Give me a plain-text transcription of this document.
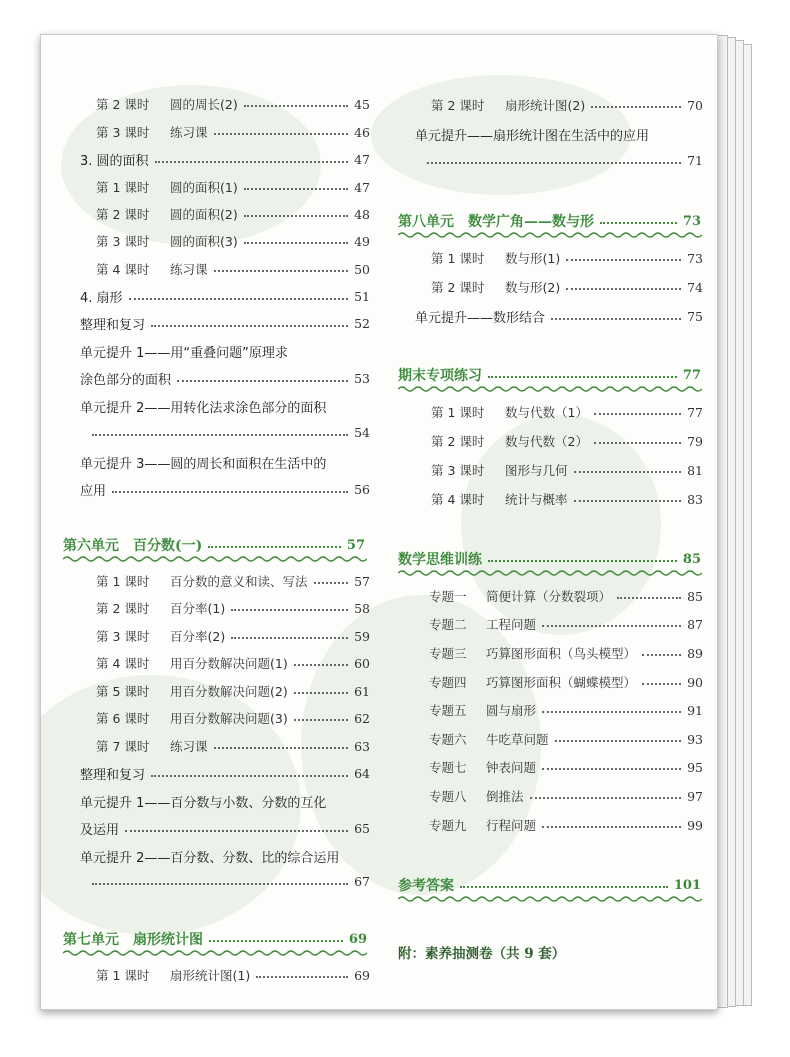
第 2 课时	圆的周长(2)	45
第 3 课时	练习课	46
3. 圆的面积	47
第 1 课时	圆的面积(1)	47
第 2 课时	圆的面积(2)	48
第 3 课时	圆的面积(3)	49
第 4 课时	练习课	50
4. 扇形	51
整理和复习	52
单元提升 1——用“重叠问题”原理求
涂色部分的面积	53
单元提升 2——用转化法求涂色部分的面积
54
单元提升 3——圆的周长和面积在生活中的
应用	56
第六单元　百分数(一)	57
第 1 课时	百分数的意义和读、写法	57
第 2 课时	百分率(1)	58
第 3 课时	百分率(2)	59
第 4 课时	用百分数解决问题(1)	60
第 5 课时	用百分数解决问题(2)	61
第 6 课时	用百分数解决问题(3)	62
第 7 课时	练习课	63
整理和复习	64
单元提升 1——百分数与小数、分数的互化
及运用	65
单元提升 2——百分数、分数、比的综合运用
67
第七单元　扇形统计图	69
第 1 课时	扇形统计图(1)	69
第 2 课时	扇形统计图(2)	70
单元提升——扇形统计图在生活中的应用
71
第八单元　数学广角——数与形	73
第 1 课时	数与形(1)	73
第 2 课时	数与形(2)	74
单元提升——数形结合	75
期末专项练习	77
第 1 课时	数与代数（1）	77
第 2 课时	数与代数（2）	79
第 3 课时	图形与几何	81
第 4 课时	统计与概率	83
数学思维训练	85
专题一	简便计算（分数裂项）	85
专题二	工程问题	87
专题三	巧算图形面积（鸟头模型）	89
专题四	巧算图形面积（蝴蝶模型）	90
专题五	圆与扇形	91
专题六	牛吃草问题	93
专题七	钟表问题	95
专题八	倒推法	97
专题九	行程问题	99
参考答案	101
附：素养抽测卷（共 9 套）
